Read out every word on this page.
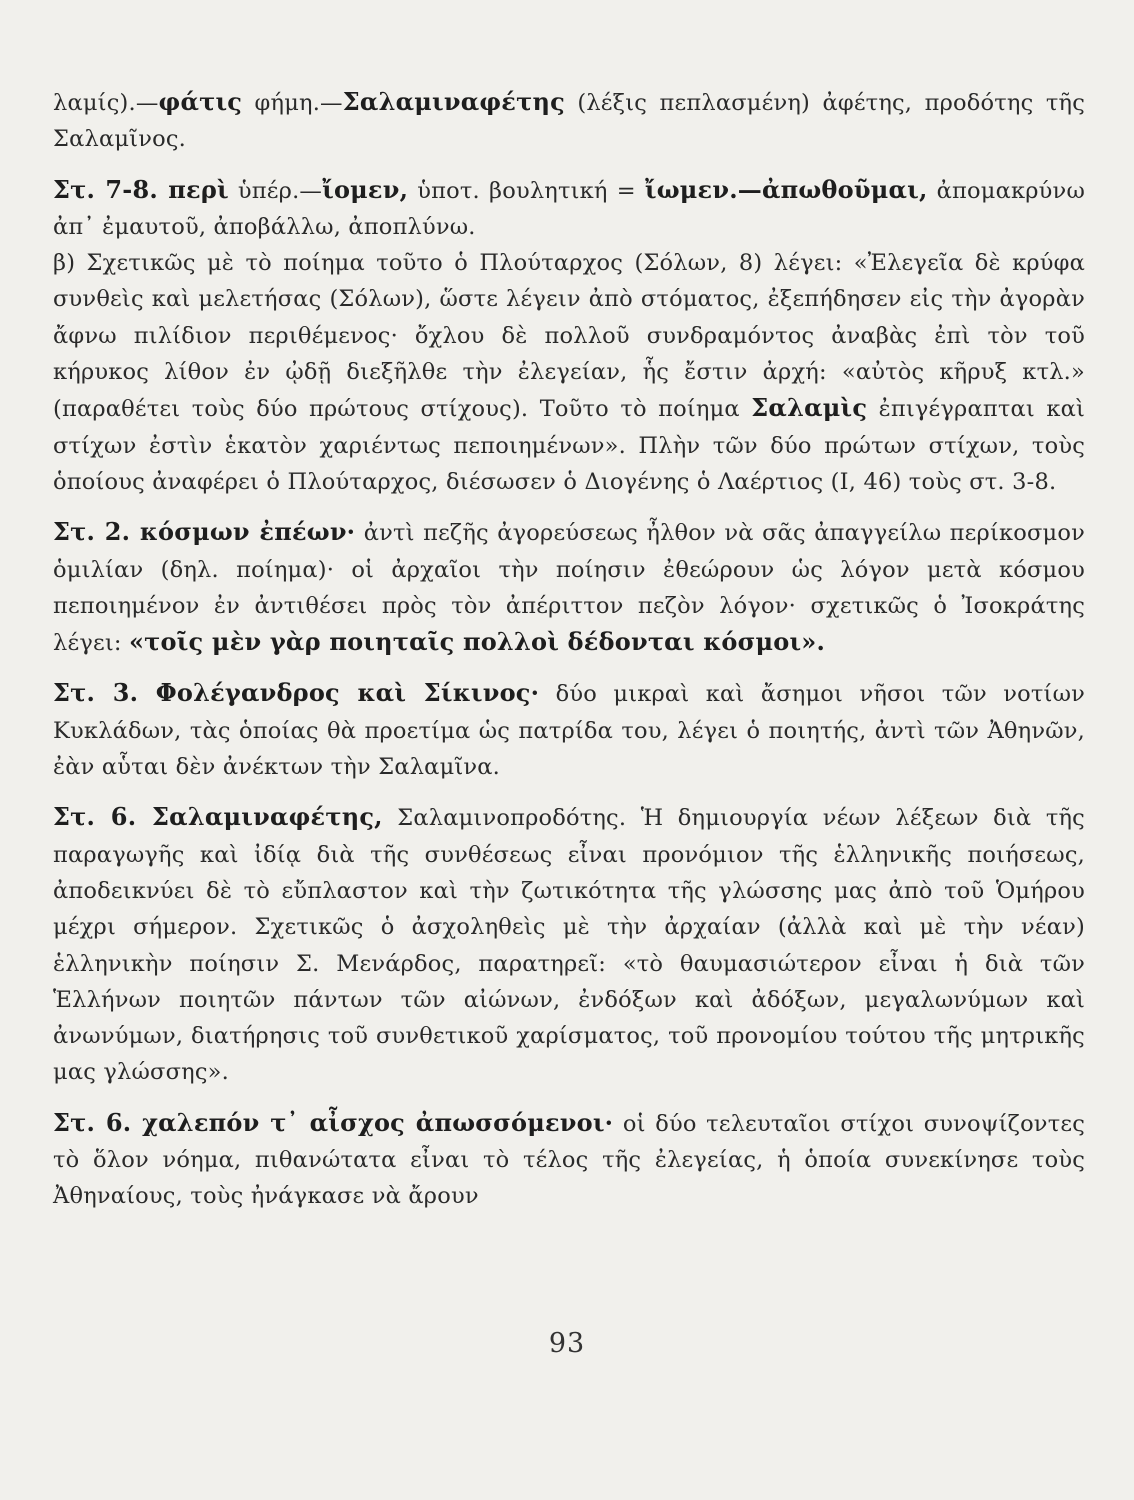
λαμίς).—φάτις φήμη.—Σαλαμιναφέτης (λέξις πεπλασμένη) ἀφέτης, προδότης τῆς Σαλαμῖνος.

Στ. 7-8. περὶ ὑπέρ.—ἴομεν, ὑποτ. βουλητική = ἴωμεν.—ἀπωθοῦμαι, ἀπομακρύνω ἀπ᾽ ἐμαυτοῦ, ἀποβάλλω, ἀποπλύνω.

β) Σχετικῶς μὲ τὸ ποίημα τοῦτο ὁ Πλούταρχος (Σόλων, 8) λέγει: «Ἐλεγεῖα δὲ κρύφα συνθεὶς καὶ μελετήσας (Σόλων), ὥστε λέγειν ἀπὸ στόματος, ἐξεπήδησεν εἰς τὴν ἀγορὰν ἄφνω πιλίδιον περιθέμενος· ὄχλου δὲ πολλοῦ συνδραμόντος ἀναβὰς ἐπὶ τὸν τοῦ κήρυκος λίθον ἐν ᾠδῇ διεξῆλθε τὴν ἐλεγείαν, ἧς ἔστιν ἀρχή: «αὐτὸς κῆρυξ κτλ.» (παραθέτει τοὺς δύο πρώτους στίχους). Τοῦτο τὸ ποίημα Σαλαμὶς ἐπιγέγραπται καὶ στίχων ἐστὶν ἑκατὸν χαριέντως πεποιημένων». Πλὴν τῶν δύο πρώτων στίχων, τοὺς ὁποίους ἀναφέρει ὁ Πλούταρχος, διέσωσεν ὁ Διογένης ὁ Λαέρτιος (I, 46) τοὺς στ. 3-8.

Στ. 2. κόσμων ἐπέων· ἀντὶ πεζῆς ἀγορεύσεως ἦλθον νὰ σᾶς ἀπαγγείλω περίκοσμον ὁμιλίαν (δηλ. ποίημα)· οἱ ἀρχαῖοι τὴν ποίησιν ἐθεώρουν ὡς λόγον μετὰ κόσμου πεποιημένον ἐν ἀντιθέσει πρὸς τὸν ἀπέριττον πεζὸν λόγον· σχετικῶς ὁ Ἰσοκράτης λέγει: «τοῖς μὲν γὰρ ποιηταῖς πολλοὶ δέδονται κόσμοι».

Στ. 3. Φολέγανδρος καὶ Σίκινος· δύο μικραὶ καὶ ἄσημοι νῆσοι τῶν νοτίων Κυκλάδων, τὰς ὁποίας θὰ προετίμα ὡς πατρίδα του, λέγει ὁ ποιητής, ἀντὶ τῶν Ἀθηνῶν, ἐὰν αὗται δὲν ἀνέκτων τὴν Σαλαμῖνα.

Στ. 6. Σαλαμιναφέτης, Σαλαμινοπροδότης. Ἡ δημιουργία νέων λέξεων διὰ τῆς παραγωγῆς καὶ ἰδίᾳ διὰ τῆς συνθέσεως εἶναι προνόμιον τῆς ἑλληνικῆς ποιήσεως, ἀποδεικνύει δὲ τὸ εὔπλαστον καὶ τὴν ζωτικότητα τῆς γλώσσης μας ἀπὸ τοῦ Ὁμήρου μέχρι σήμερον. Σχετικῶς ὁ ἀσχοληθεὶς μὲ τὴν ἀρχαίαν (ἀλλὰ καὶ μὲ τὴν νέαν) ἑλληνικὴν ποίησιν Σ. Μενάρδος, παρατηρεῖ: «τὸ θαυμασιώτερον εἶναι ἡ διὰ τῶν Ἑλλήνων ποιητῶν πάντων τῶν αἰώνων, ἐνδόξων καὶ ἀδόξων, μεγαλωνύμων καὶ ἀνωνύμων, διατήρησις τοῦ συνθετικοῦ χαρίσματος, τοῦ προνομίου τούτου τῆς μητρικῆς μας γλώσσης».

Στ. 6. χαλεπόν τ᾽ αἶσχος ἀπωσσόμενοι· οἱ δύο τελευταῖοι στίχοι συνοψίζοντες τὸ ὅλον νόημα, πιθανώτατα εἶναι τὸ τέλος τῆς ἐλεγείας, ἡ ὁποία συνεκίνησε τοὺς Ἀθηναίους, τοὺς ἠνάγκασε νὰ ἄρουν

93
